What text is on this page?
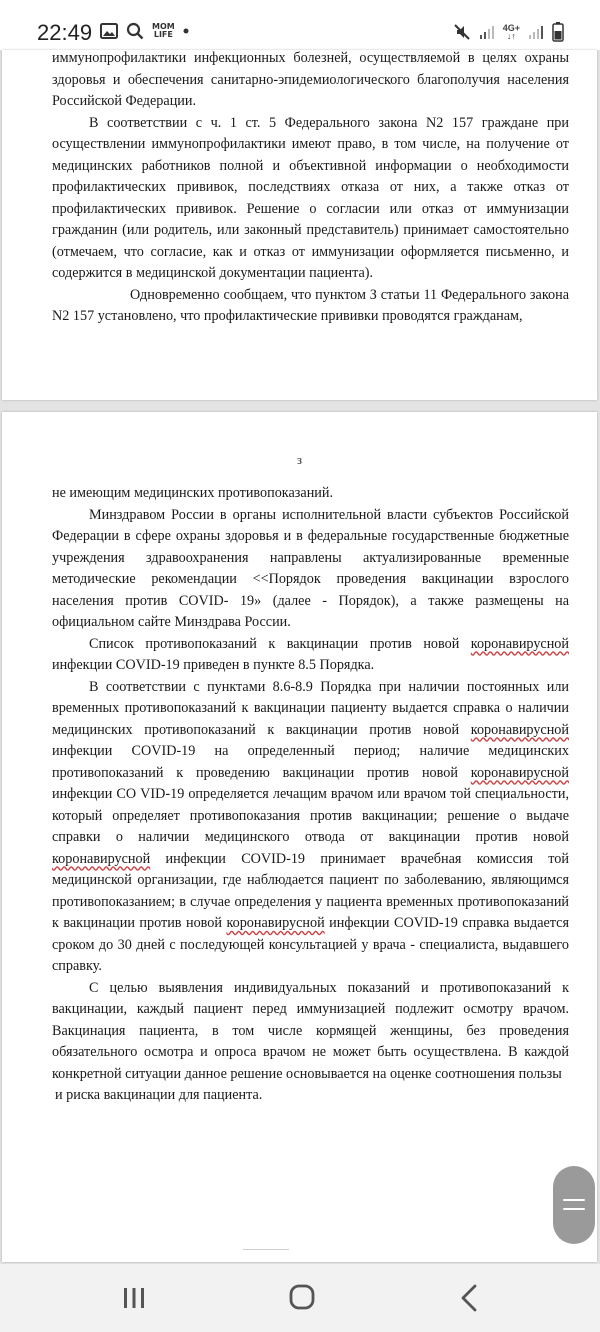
22:49	MOM
LIFE
4G+
↓↑

иммунопрофилактики инфекционных болезней, осуществляемой в целях охраны здоровья и обеспечения санитарно-эпидемиологического благополучия населения Российской Федерации.

В соответствии с ч. 1 ст. 5 Федерального закона N2 157 граждане при осуществлении иммунопрофилактики имеют право, в том числе, на получение от медицинских работников полной и объективной информации о необходимости профилактических прививок, последствиях отказа от них, а также отказ от профилактических прививок. Решение о согласии или отказ от иммунизации гражданин (или родитель, или законный представитель) принимает самостоятельно (отмечаем, что согласие, как и отказ от иммунизации оформляется письменно, и содержится в медицинской документации пациента).

Одновременно сообщаем, что пунктом З статьи 11 Федерального закона N2 157 установлено, что профилактические прививки проводятся гражданам,

з

не имеющим медицинских противопоказаний.

Минздравом России в органы исполнительной власти субъектов Российской Федерации в сфере охраны здоровья и в федеральные государственные бюджетные учреждения здравоохранения направлены актуализированные временные методические рекомендации <<Порядок проведения вакцинации взрослого населения против COVID- 19» (далее - Порядок), а также размещены на официальном сайте Минздрава России.

Список противопоказаний к вакцинации против новой коронавирусной инфекции COVID-19 приведен в пункте 8.5 Порядка.

В соответствии с пунктами 8.6-8.9 Порядка при наличии постоянных или временных противопоказаний к вакцинации пациенту выдается справка о наличии медицинских противопоказаний к вакцинации против новой коронавирусной инфекции COVID-19 на определенный период; наличие медицинских противопоказаний к проведению вакцинации против новой коронавирусной инфекции СО VID-19 определяется лечащим врачом или врачом той специальности, который определяет противопоказания против вакцинации; решение о выдаче справки о наличии медицинского отвода от вакцинации против новой коронавирусной инфекции COVID-19 принимает врачебная комиссия той медицинской организации, где наблюдается пациент по заболеванию, являющимся противопоказанием; в случае определения у пациента временных противопоказаний к вакцинации против новой коронавирусной инфекции COVID-19 справка выдается сроком до 30 дней с последующей консультацией у врача - специалиста, выдавшего справку.

С целью выявления индивидуальных показаний и противопоказаний к вакцинации, каждый пациент перед иммунизацией подлежит осмотру врачом. Вакцинация пациента, в том числе кормящей женщины, без проведения обязательного осмотра и опроса врачом не может быть осуществлена. В каждой конкретной ситуации данное решение основывается на оценке соотношения пользы

и риска вакцинации для пациента.
